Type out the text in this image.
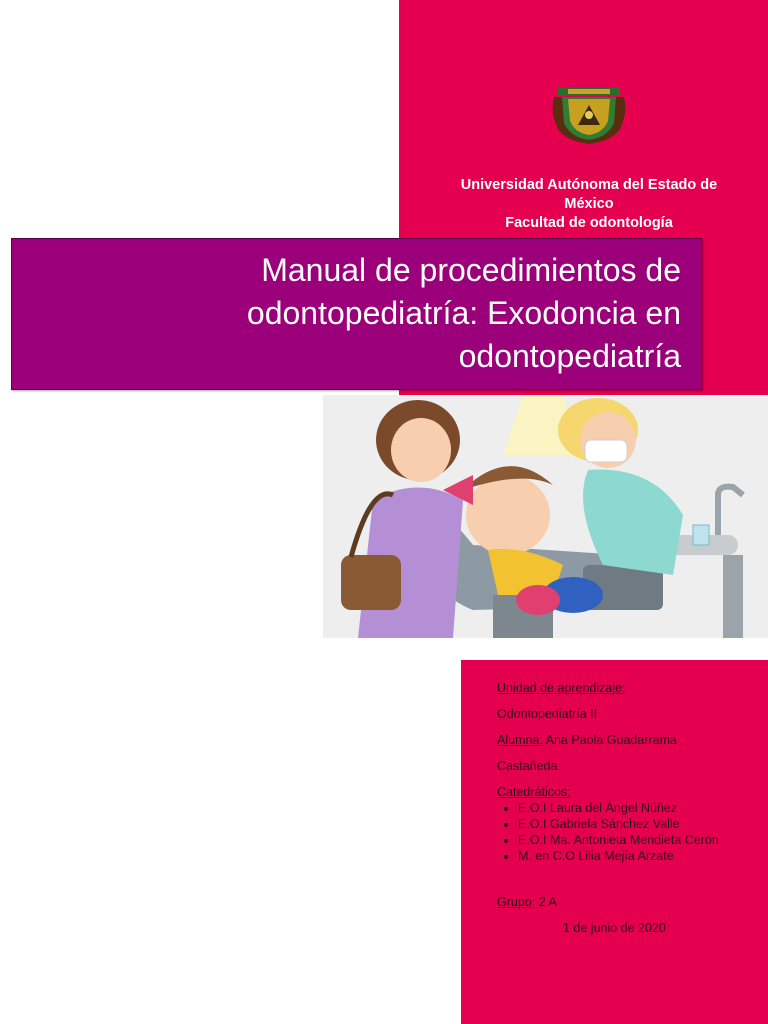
Universidad Autónoma del Estado de
México
Facultad de odontología
Manual de procedimientos de
odontopediatría: Exodoncia en
odontopediatría

Unidad de aprendizaje:

Odontopediatría II

Alumna: Ana Paola Guadarrama

Castañeda

Catedráticos:

• E.O.I Laura del Ángel Núñez
• E.O.I Gabriela Sánchez Valle
• E.O.I Ma. Antonieta Mendieta Cerón
• M. en C.O Lilia Mejía Arzate

Grupo: 2 A

1 de junio de 2020
